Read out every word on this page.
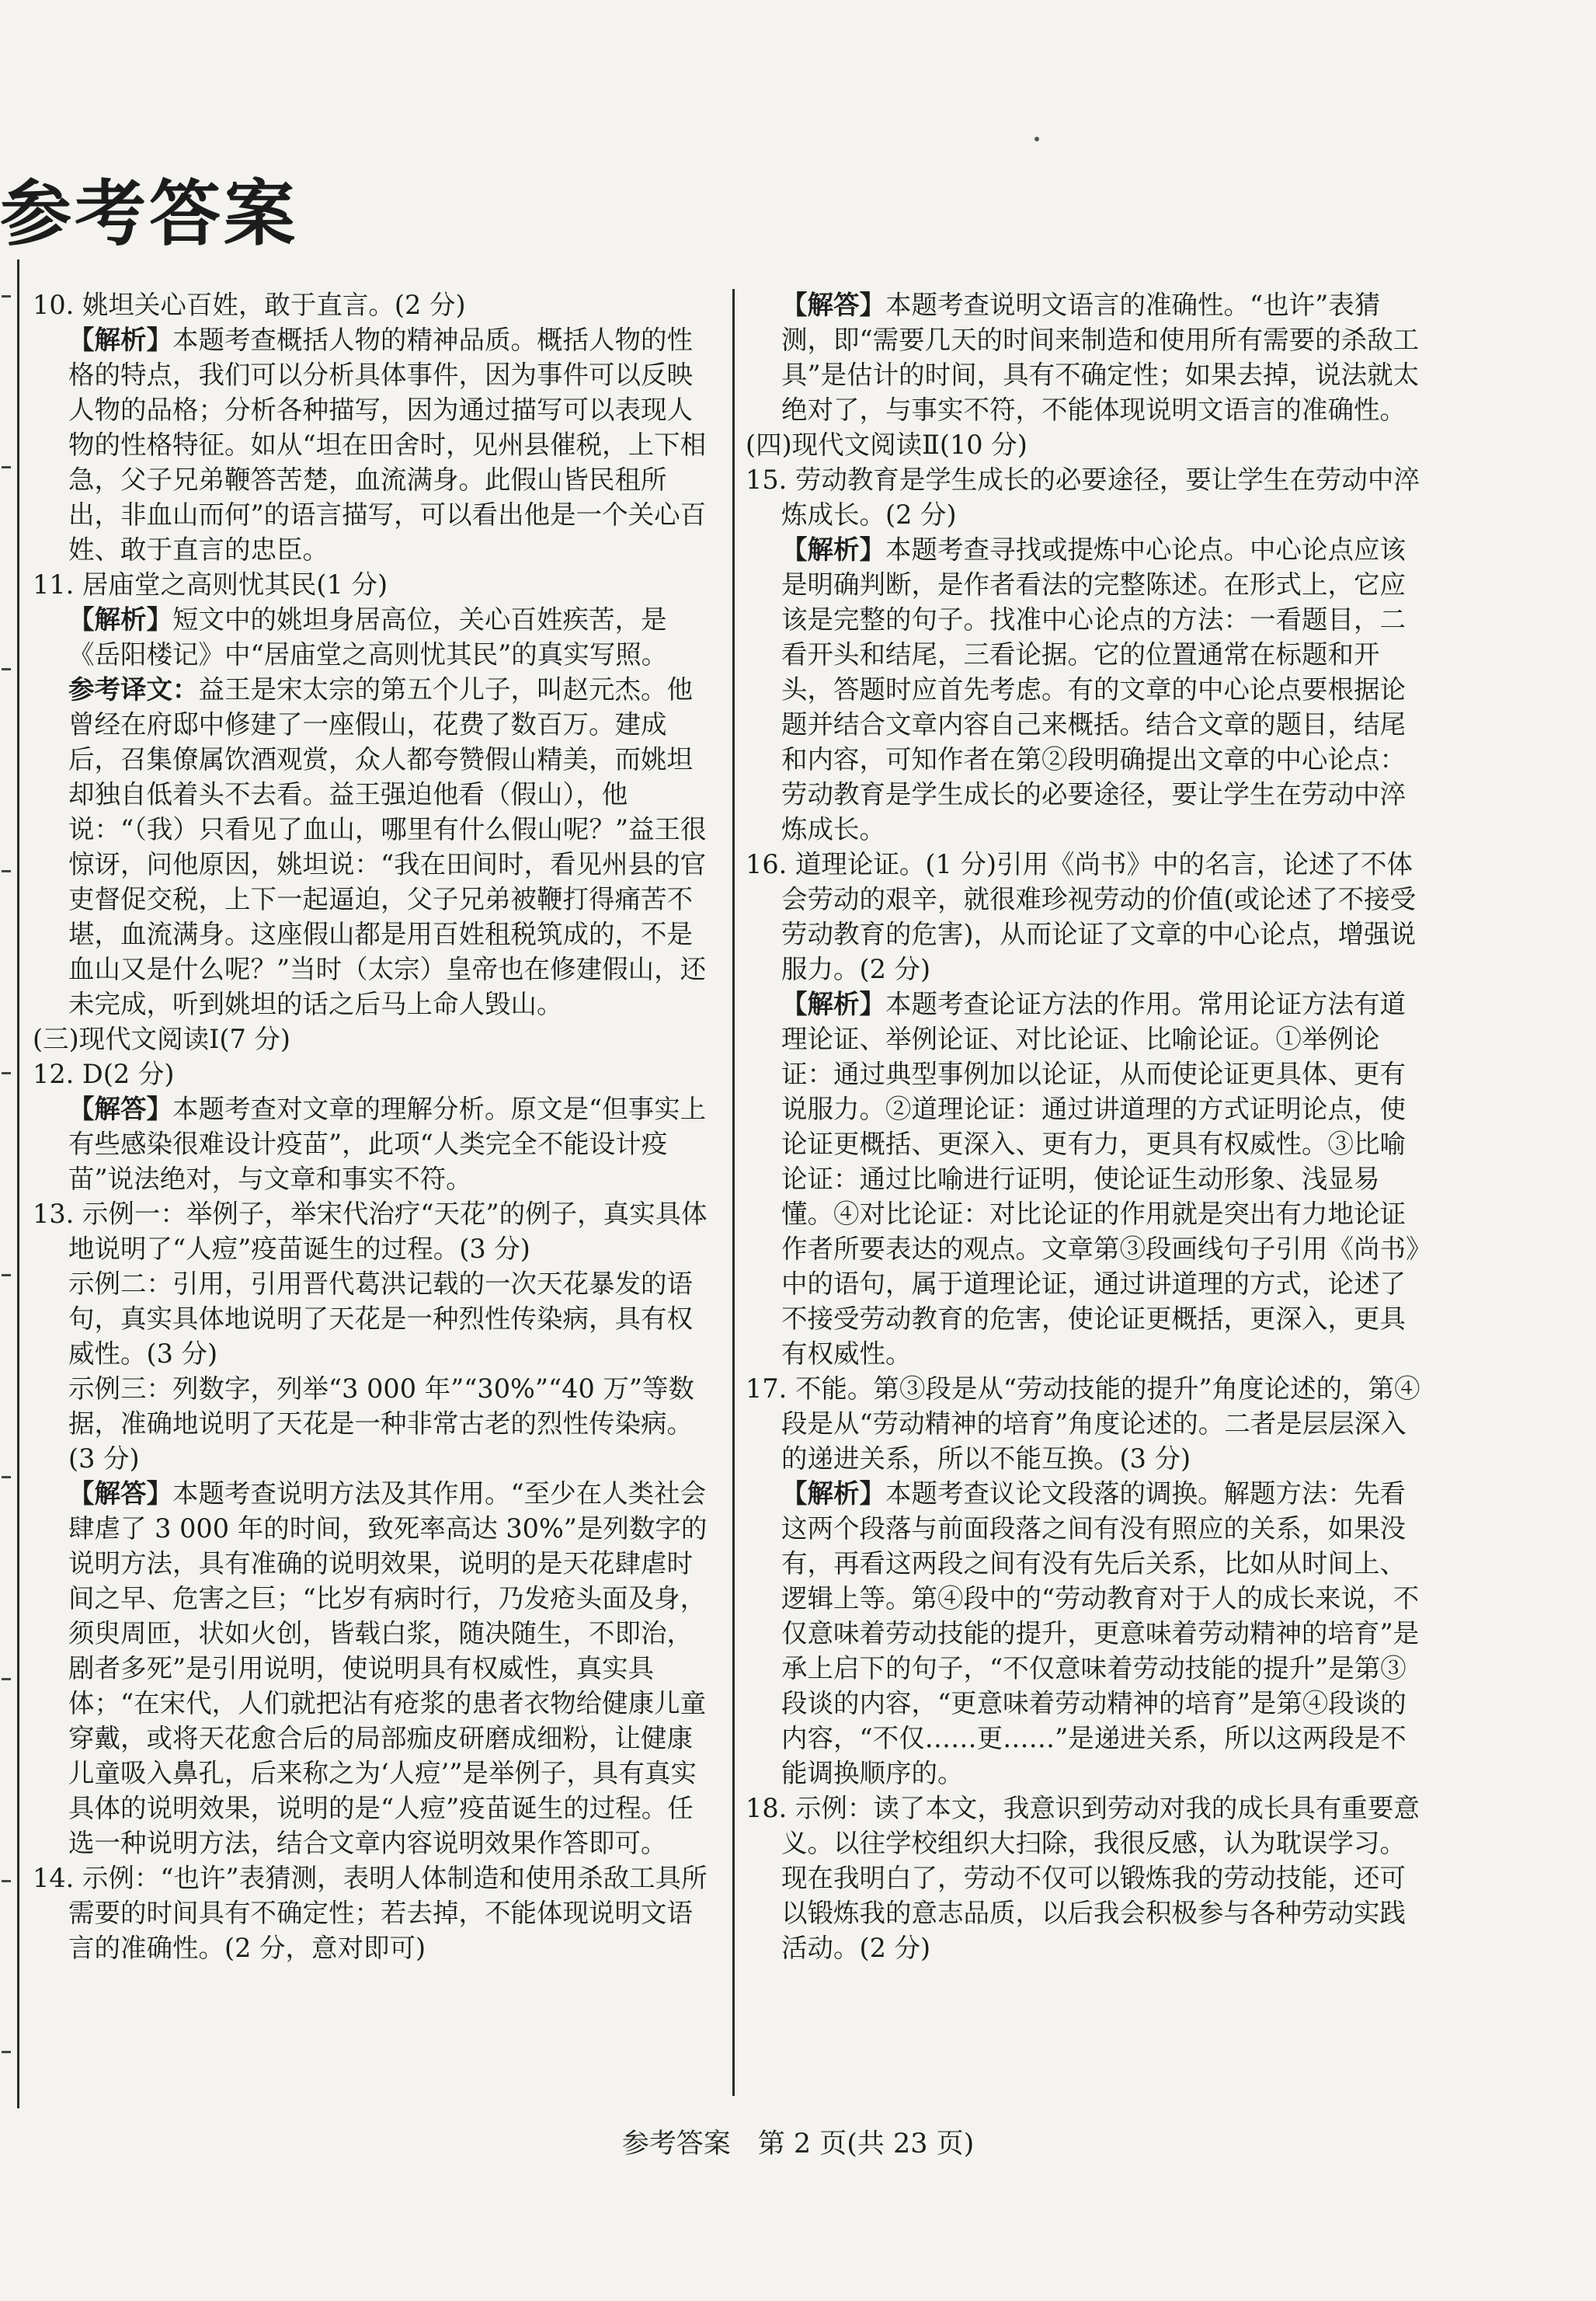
参考答案

10. 姚坦关心百姓，敢于直言。(2 分)

【解析】本题考查概括人物的精神品质。概括人物的性格的特点，我们可以分析具体事件，因为事件可以反映人物的品格；分析各种描写，因为通过描写可以表现人物的性格特征。如从“坦在田舍时，见州县催税，上下相急，父子兄弟鞭答苦楚，血流满身。此假山皆民租所出，非血山而何”的语言描写，可以看出他是一个关心百姓、敢于直言的忠臣。

11. 居庙堂之高则忧其民(1 分)

【解析】短文中的姚坦身居高位，关心百姓疾苦，是《岳阳楼记》中“居庙堂之高则忧其民”的真实写照。

参考译文：益王是宋太宗的第五个儿子，叫赵元杰。他曾经在府邸中修建了一座假山，花费了数百万。建成后，召集僚属饮酒观赏，众人都夸赞假山精美，而姚坦却独自低着头不去看。益王强迫他看（假山），他说：“（我）只看见了血山，哪里有什么假山呢？”益王很惊讶，问他原因，姚坦说：“我在田间时，看见州县的官吏督促交税，上下一起逼迫，父子兄弟被鞭打得痛苦不堪，血流满身。这座假山都是用百姓租税筑成的，不是血山又是什么呢？”当时（太宗）皇帝也在修建假山，还未完成，听到姚坦的话之后马上命人毁山。

(三)现代文阅读Ⅰ(7 分)

12. D(2 分)

【解答】本题考查对文章的理解分析。原文是“但事实上有些感染很难设计疫苗”，此项“人类完全不能设计疫苗”说法绝对，与文章和事实不符。

13. 示例一：举例子，举宋代治疗“天花”的例子，真实具体地说明了“人痘”疫苗诞生的过程。(3 分)

示例二：引用，引用晋代葛洪记载的一次天花暴发的语句，真实具体地说明了天花是一种烈性传染病，具有权威性。(3 分)

示例三：列数字，列举“3 000 年”“30%”“40 万”等数据，准确地说明了天花是一种非常古老的烈性传染病。(3 分)

【解答】本题考查说明方法及其作用。“至少在人类社会肆虐了 3 000 年的时间，致死率高达 30%”是列数字的说明方法，具有准确的说明效果，说明的是天花肆虐时间之早、危害之巨；“比岁有病时行，乃发疮头面及身，须臾周匝，状如火创，皆载白浆，随决随生，不即治，剧者多死”是引用说明，使说明具有权威性，真实具体；“在宋代，人们就把沾有疮浆的患者衣物给健康儿童穿戴，或将天花愈合后的局部痂皮研磨成细粉，让健康儿童吸入鼻孔，后来称之为‘人痘’”是举例子，具有真实具体的说明效果，说明的是“人痘”疫苗诞生的过程。任选一种说明方法，结合文章内容说明效果作答即可。

14. 示例：“也许”表猜测，表明人体制造和使用杀敌工具所需要的时间具有不确定性；若去掉，不能体现说明文语言的准确性。(2 分，意对即可)

【解答】本题考查说明文语言的准确性。“也许”表猜测，即“需要几天的时间来制造和使用所有需要的杀敌工具”是估计的时间，具有不确定性；如果去掉，说法就太绝对了，与事实不符，不能体现说明文语言的准确性。

(四)现代文阅读Ⅱ(10 分)

15. 劳动教育是学生成长的必要途径，要让学生在劳动中淬炼成长。(2 分)

【解析】本题考查寻找或提炼中心论点。中心论点应该是明确判断，是作者看法的完整陈述。在形式上，它应该是完整的句子。找准中心论点的方法：一看题目，二看开头和结尾，三看论据。它的位置通常在标题和开头，答题时应首先考虑。有的文章的中心论点要根据论题并结合文章内容自己来概括。结合文章的题目，结尾和内容，可知作者在第②段明确提出文章的中心论点：劳动教育是学生成长的必要途径，要让学生在劳动中淬炼成长。

16. 道理论证。(1 分)引用《尚书》中的名言，论述了不体会劳动的艰辛，就很难珍视劳动的价值(或论述了不接受劳动教育的危害)，从而论证了文章的中心论点，增强说服力。(2 分)

【解析】本题考查论证方法的作用。常用论证方法有道理论证、举例论证、对比论证、比喻论证。①举例论证：通过典型事例加以论证，从而使论证更具体、更有说服力。②道理论证：通过讲道理的方式证明论点，使论证更概括、更深入、更有力，更具有权威性。③比喻论证：通过比喻进行证明，使论证生动形象、浅显易懂。④对比论证：对比论证的作用就是突出有力地论证作者所要表达的观点。文章第③段画线句子引用《尚书》中的语句，属于道理论证，通过讲道理的方式，论述了不接受劳动教育的危害，使论证更概括，更深入，更具有权威性。

17. 不能。第③段是从“劳动技能的提升”角度论述的，第④段是从“劳动精神的培育”角度论述的。二者是层层深入的递进关系，所以不能互换。(3 分)

【解析】本题考查议论文段落的调换。解题方法：先看这两个段落与前面段落之间有没有照应的关系，如果没有，再看这两段之间有没有先后关系，比如从时间上、逻辑上等。第④段中的“劳动教育对于人的成长来说，不仅意味着劳动技能的提升，更意味着劳动精神的培育”是承上启下的句子，“不仅意味着劳动技能的提升”是第③段谈的内容，“更意味着劳动精神的培育”是第④段谈的内容，“不仅……更……”是递进关系，所以这两段是不能调换顺序的。

18. 示例：读了本文，我意识到劳动对我的成长具有重要意义。以往学校组织大扫除，我很反感，认为耽误学习。现在我明白了，劳动不仅可以锻炼我的劳动技能，还可以锻炼我的意志品质，以后我会积极参与各种劳动实践活动。(2 分)

参考答案　第 2 页(共 23 页)
